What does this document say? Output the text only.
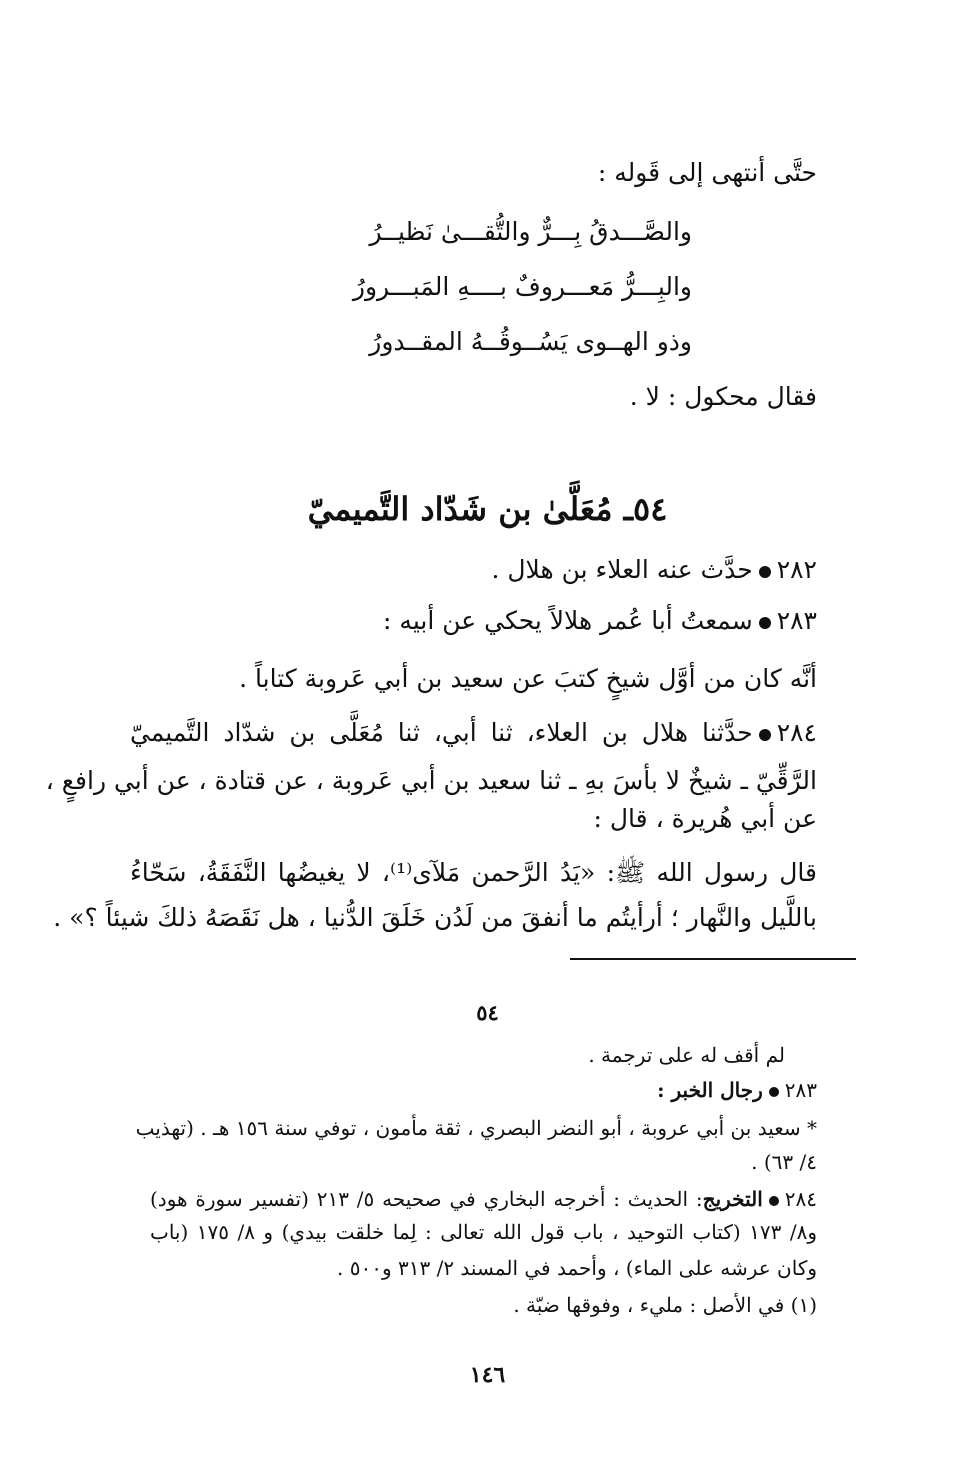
حتَّى أنتهى إلى قَوله :
والصَّـــدقُ بِـــرٌّ والتُّقـــىٰ نَظيــرُ
والبِـــرُّ مَعـــروفٌ بــــهِ المَبـــرورُ
وذو الهــوى يَسُــوقُــهُ المقــدورُ
فقال محكول : لا .
٥٤ـ مُعَلَّىٰ بن شَدّاد التَّميميّ
٢٨٢حدَّث عنه العلاء بن هلال .
٢٨٣سمعتُ أبا عُمر هلالاً يحكي عن أبيه :
أنَّه كان من أوَّل شيخٍ كتبَ عن سعيد بن أبي عَروبة كتاباً .
٢٨٤حدَّثنا هلال بن العلاء، ثنا أبي، ثنا مُعَلَّى بن شدّاد التَّميميّ
الرَّقِّيّ ـ شيخٌ لا بأسَ بهِ ـ ثنا سعيد بن أبي عَروبة ، عن قتادة ، عن أبي رافعٍ ،
عن أبي هُريرة ، قال :
قال رسول الله ﷺ: «يَدُ الرَّحمن مَلآى⁽¹⁾، لا يغيضُها النَّفَقَةُ، سَحّاءُ
باللَّيل والنَّهار ؛ أرأيتُم ما أنفقَ من لَدُن خَلَقَ الدُّنيا ، هل نَقَصَهُ ذلكَ شيئاً ؟» .
٥٤
لم أقف له على ترجمة .
٢٨٣رجال الخبر :
* سعيد بن أبي عروبة ، أبو النضر البصري ، ثقة مأمون ، توفي سنة ١٥٦ هـ . (تهذيب
٤/ ٦٣) .
٢٨٤التخريج: الحديث : أخرجه البخاري في صحيحه ٥/ ٢١٣ (تفسير سورة هود)
و٨/ ١٧٣ (كتاب التوحيد ، باب قول الله تعالى : لِما خلقت بيدي) و ٨/ ١٧٥ (باب
وكان عرشه على الماء) ، وأحمد في المسند ٢/ ٣١٣ و٥٠٠ .
(١) في الأصل : مليء ، وفوقها ضبّة .
١٤٦
